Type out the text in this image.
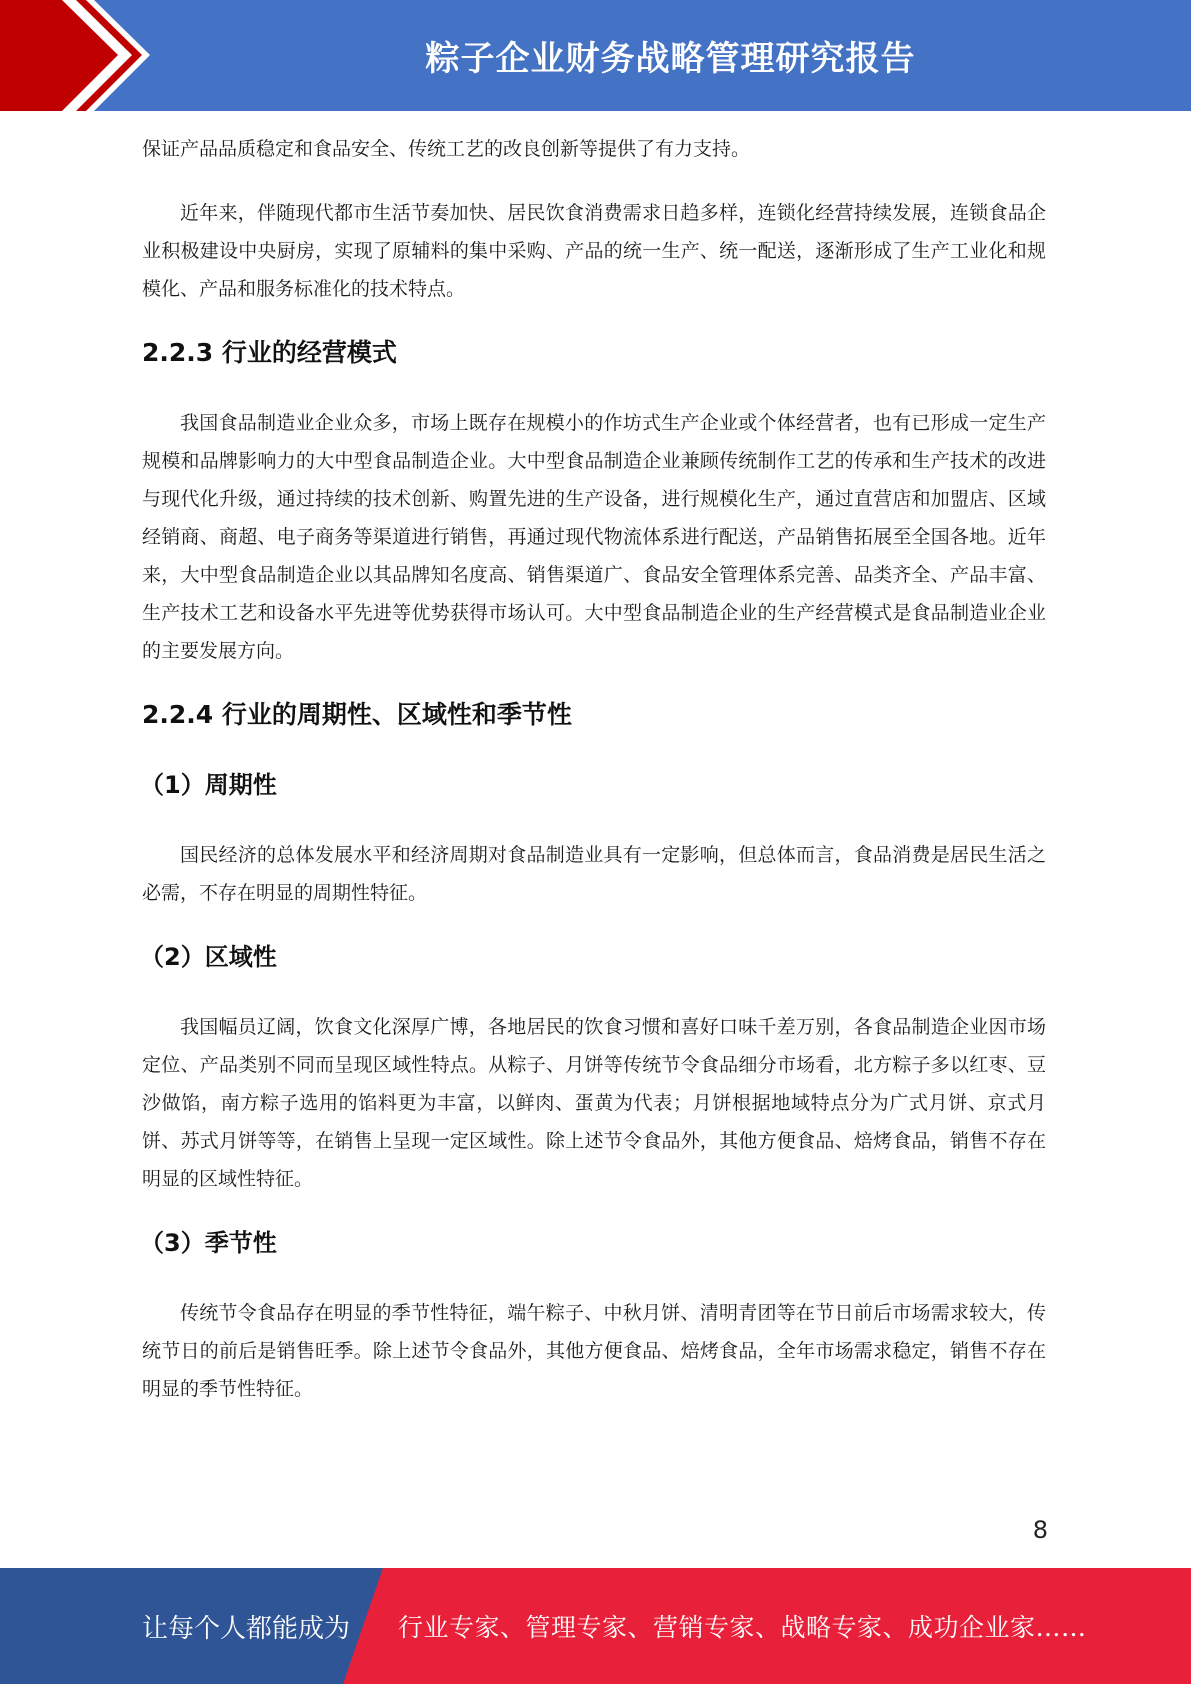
粽子企业财务战略管理研究报告

保证产品品质稳定和食品安全、传统工艺的改良创新等提供了有力支持。

近年来，伴随现代都市生活节奏加快、居民饮食消费需求日趋多样，连锁化经营持续发展，连锁食品企业积极建设中央厨房，实现了原辅料的集中采购、产品的统一生产、统一配送，逐渐形成了生产工业化和规模化、产品和服务标准化的技术特点。

2.2.3 行业的经营模式

我国食品制造业企业众多，市场上既存在规模小的作坊式生产企业或个体经营者，也有已形成一定生产规模和品牌影响力的大中型食品制造企业。大中型食品制造企业兼顾传统制作工艺的传承和生产技术的改进与现代化升级，通过持续的技术创新、购置先进的生产设备，进行规模化生产，通过直营店和加盟店、区域经销商、商超、电子商务等渠道进行销售，再通过现代物流体系进行配送，产品销售拓展至全国各地。近年来，大中型食品制造企业以其品牌知名度高、销售渠道广、食品安全管理体系完善、品类齐全、产品丰富、生产技术工艺和设备水平先进等优势获得市场认可。大中型食品制造企业的生产经营模式是食品制造业企业的主要发展方向。

2.2.4 行业的周期性、区域性和季节性
（1）周期性

国民经济的总体发展水平和经济周期对食品制造业具有一定影响，但总体而言，食品消费是居民生活之必需，不存在明显的周期性特征。

（2）区域性

我国幅员辽阔，饮食文化深厚广博，各地居民的饮食习惯和喜好口味千差万别，各食品制造企业因市场定位、产品类别不同而呈现区域性特点。从粽子、月饼等传统节令食品细分市场看，北方粽子多以红枣、豆沙做馅，南方粽子选用的馅料更为丰富，以鲜肉、蛋黄为代表；月饼根据地域特点分为广式月饼、京式月饼、苏式月饼等等，在销售上呈现一定区域性。除上述节令食品外，其他方便食品、焙烤食品，销售不存在明显的区域性特征。

（3）季节性

传统节令食品存在明显的季节性特征，端午粽子、中秋月饼、清明青团等在节日前后市场需求较大，传统节日的前后是销售旺季。除上述节令食品外，其他方便食品、焙烤食品，全年市场需求稳定，销售不存在明显的季节性特征。

8
让每个人都能成为 行业专家、管理专家、营销专家、战略专家、成功企业家……
